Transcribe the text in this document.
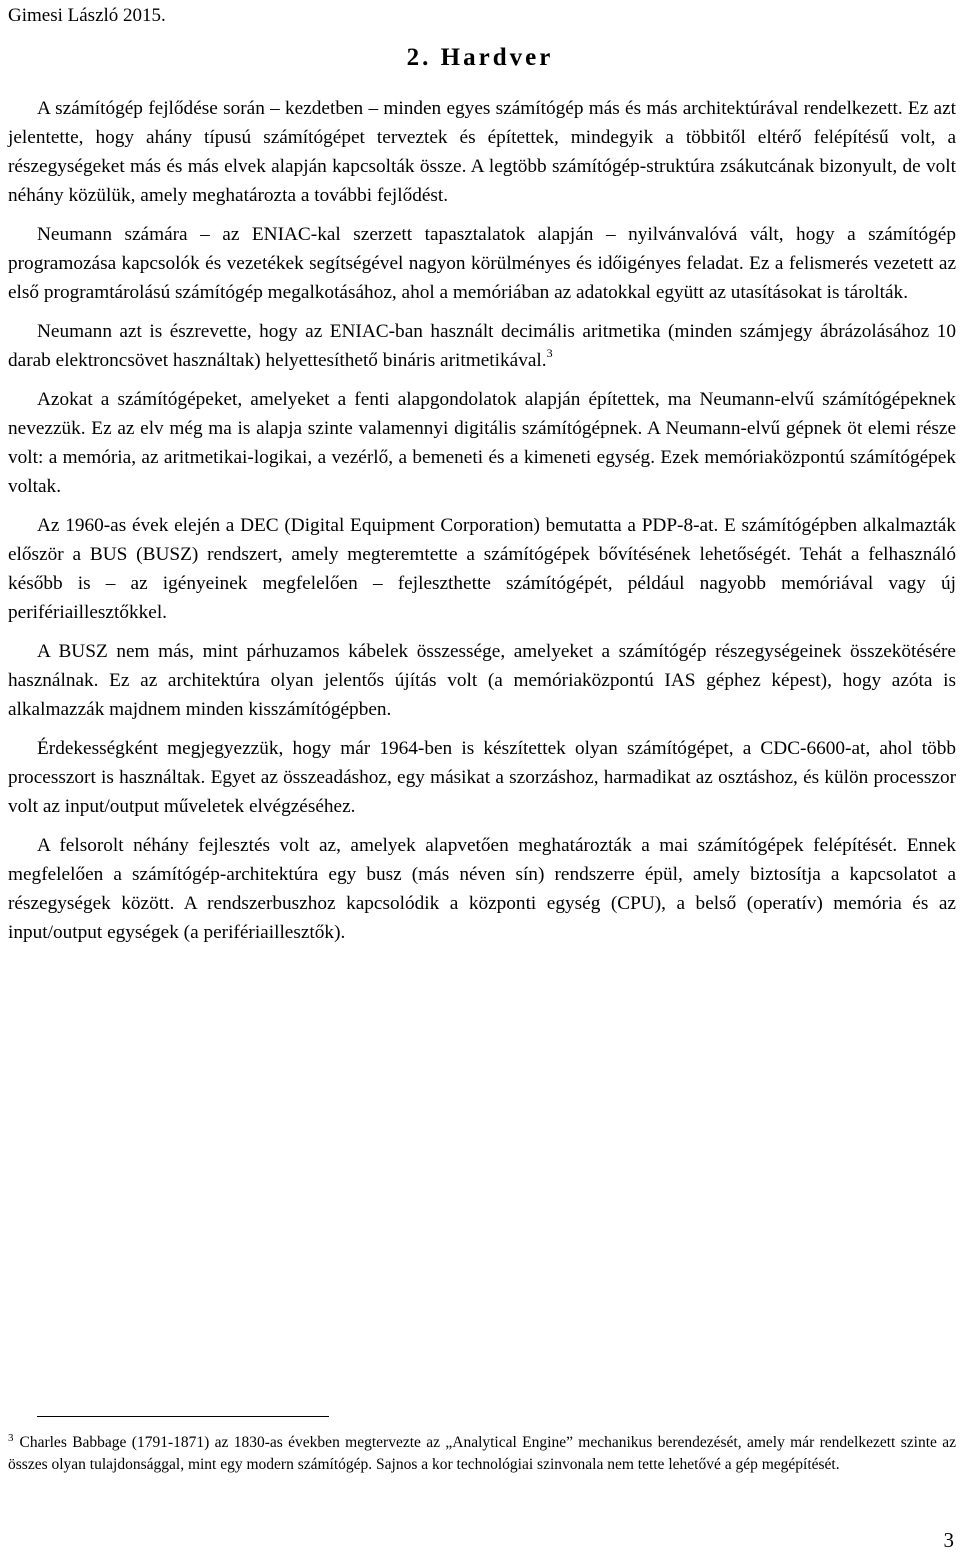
Gimesi László 2015.
2. Hardver

A számítógép fejlődése során – kezdetben – minden egyes számítógép más és más architektúrával rendelkezett. Ez azt jelentette, hogy ahány típusú számítógépet terveztek és építettek, mindegyik a többitől eltérő felépítésű volt, a részegységeket más és más elvek alapján kapcsolták össze. A legtöbb számítógép-struktúra zsákutcának bizonyult, de volt néhány közülük, amely meghatározta a további fejlődést.

Neumann számára – az ENIAC-kal szerzett tapasztalatok alapján – nyilvánvalóvá vált, hogy a számítógép programozása kapcsolók és vezetékek segítségével nagyon körülményes és időigényes feladat. Ez a felismerés vezetett az első programtárolású számítógép megalkotásához, ahol a memóriában az adatokkal együtt az utasításokat is tárolták.

Neumann azt is észrevette, hogy az ENIAC-ban használt decimális aritmetika (minden számjegy ábrázolásához 10 darab elektroncsövet használtak) helyettesíthető bináris aritmetikával.$^3$

Azokat a számítógépeket, amelyeket a fenti alapgondolatok alapján építettek, ma Neumann-elvű számítógépeknek nevezzük. Ez az elv még ma is alapja szinte valamennyi digitális számítógépnek. A Neumann-elvű gépnek öt elemi része volt: a memória, az aritmetikai-logikai, a vezérlő, a bemeneti és a kimeneti egység. Ezek memóriaközpontú számítógépek voltak.

Az 1960-as évek elején a DEC (Digital Equipment Corporation) bemutatta a PDP-8-at. E számítógépben alkalmazták először a BUS (BUSZ) rendszert, amely megteremtette a számítógépek bővítésének lehetőségét. Tehát a felhasználó később is – az igényeinek megfelelően – fejleszthette számítógépét, például nagyobb memóriával vagy új perifériaillesztőkkel.

A BUSZ nem más, mint párhuzamos kábelek összessége, amelyeket a számítógép részegységeinek összekötésére használnak. Ez az architektúra olyan jelentős újítás volt (a memóriaközpontú IAS géphez képest), hogy azóta is alkalmazzák majdnem minden kisszámítógépben.

Érdekességként megjegyezzük, hogy már 1964-ben is készítettek olyan számítógépet, a CDC-6600-at, ahol több processzort is használtak. Egyet az összeadáshoz, egy másikat a szorzáshoz, harmadikat az osztáshoz, és külön processzor volt az input/output műveletek elvégzéséhez.

A felsorolt néhány fejlesztés volt az, amelyek alapvetően meghatározták a mai számítógépek felépítését. Ennek megfelelően a számítógép-architektúra egy busz (más néven sín) rendszerre épül, amely biztosítja a kapcsolatot a részegységek között. A rendszerbuszhoz kapcsolódik a központi egység (CPU), a belső (operatív) memória és az input/output egységek (a perifériaillesztők).

$^3$ Charles Babbage (1791-1871) az 1830-as években megtervezte az „Analytical Engine” mechanikus berendezését, amely már rendelkezett szinte az összes olyan tulajdonsággal, mint egy modern számítógép. Sajnos a kor technológiai szinvonala nem tette lehetővé a gép megépítését.
3
